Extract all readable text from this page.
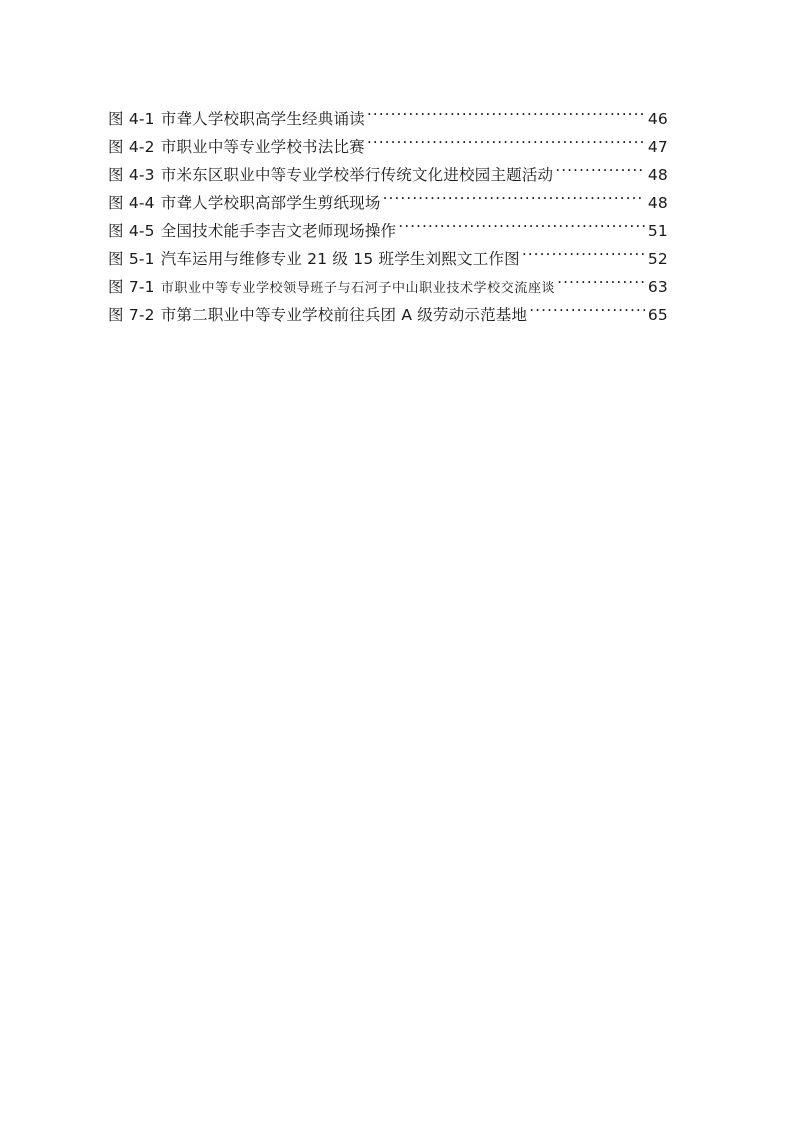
图 4-1 市聋人学校职高学生经典诵读 .....	46
图 4-2 市职业中等专业学校书法比赛 .....	47
图 4-3 市米东区职业中等专业学校举行传统文化进校园主题活动 .....	48
图 4-4 市聋人学校职高部学生剪纸现场 .....	48
图 4-5 全国技术能手李吉文老师现场操作 .....	51
图 5-1 汽车运用与维修专业 21 级 15 班学生刘熙文工作图 .....	52
图 7-1 市职业中等专业学校领导班子与石河子中山职业技术学校交流座谈 .....	63
图 7-2 市第二职业中等专业学校前往兵团 A 级劳动示范基地 .....	65
